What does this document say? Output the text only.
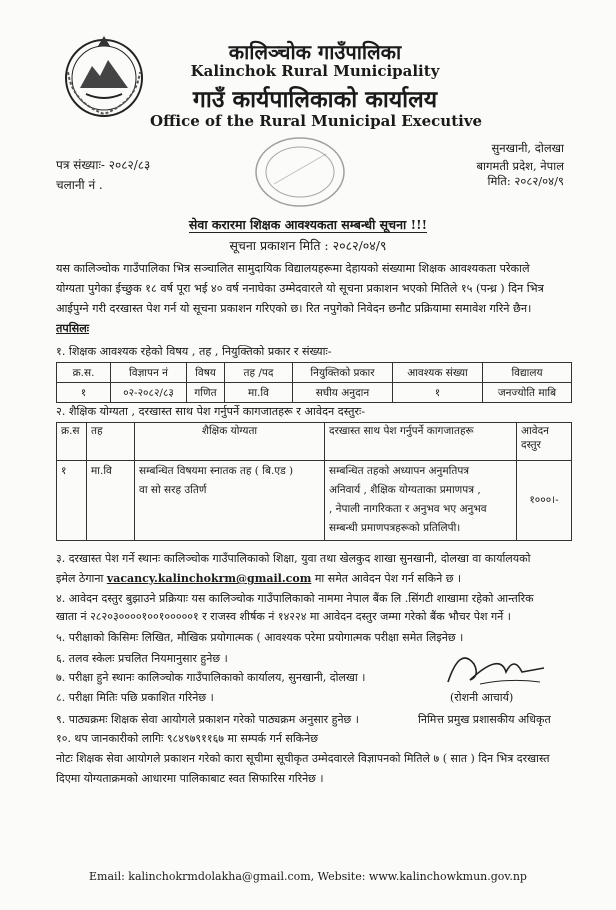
कालिञ्चोक गाउँपालिका
Kalinchok Rural Municipality
गाउँ कार्यपालिकाको कार्यालय
Office of the Rural Municipal Executive
सुनखानी, दोलखा
बागमती प्रदेश, नेपाल
मिति: २०८२/०४/९
पत्र संख्याः- २०८२/८३
चलानी नं .
सेवा करारमा शिक्षक आवश्यकता सम्बन्धी सूचना !!!
सूचना प्रकाशन मिति : २०८२/०४/९
यस कालिञ्चोक गाउँपालिका भित्र सञ्चालित सामुदायिक विद्यालयहरूमा देहायको संख्यामा शिक्षक आवश्यकता परेकाले
योग्यता पुगेका ईच्छुक १८ वर्ष पूरा भई ४० वर्ष ननाघेका उम्मेदवारले यो सूचना प्रकाशन भएको मितिले १५ (पन्ध्र ) दिन भित्र
आईपुग्ने गरी दरखास्त पेश गर्न यो सूचना प्रकाशन गरिएको छ। रित नपुगेको निवेदन छनौट प्रक्रियामा समावेश गरिने छैन।
तपसिलः
१. शिक्षक आवश्यक रहेको विषय , तह , नियुक्तिको प्रकार र संख्याः-
क्र.स.	विज्ञापन नं	विषय	तह /पद	नियुक्तिको प्रकार	आवश्यक संख्या	विद्यालय
१	०२-२०८२/८३	गणित	मा.वि	सघीय अनुदान	१	जनज्योति माबि
२. शैक्षिक योग्यता , दरखास्त साथ पेश गर्नुपर्ने कागजातहरू र आवेदन दस्तुरः-
क्र.स	तह	शैक्षिक योग्यता	दरखास्त साथ पेश गर्नुपर्ने कागजातहरू	आवेदन
दस्तुर
१	मा.वि	सम्बन्धित विषयमा स्नातक तह ( बि.एड )
वा सो सरह उतिर्ण	सम्बन्धित तहको अध्यापन अनुमतिपत्र
अनिवार्य , शैक्षिक योग्यताका प्रमाणपत्र ,
, नेपाली नागरिकता र अनुभव भए अनुभव
सम्बन्धी प्रमाणपत्रहरूको प्रतिलिपी।	१०००।-
३. दरखास्त पेश गर्ने स्थानः कालिञ्चोक गाउँपालिकाको शिक्षा, युवा तथा खेलकुद शाखा सुनखानी, दोलखा वा कार्यालयको
इमेल ठेगाना vacancy.kalinchokrm@gmail.com मा समेत आवेदन पेश गर्न सकिने छ ।
४. आवेदन दस्तुर बुझाउने प्रक्रियाः यस कालिञ्चोक गाउँपालिकाको नाममा नेपाल बैंक लि .सिंगटी शाखामा रहेको आन्तरिक
खाता नं २८२०३००००१००१०००००१ र राजस्व शीर्षक नं १४२२४ मा आवेदन दस्तुर जम्मा गरेको बैंक भौचर पेश गर्ने ।
५. परीक्षाको किसिमः लिखित, मौखिक प्रयोगात्मक ( आवश्यक परेमा प्रयोगात्मक परीक्षा समेत लिइनेछ ।
६. तलव स्केलः प्रचलित नियमानुसार हुनेछ ।
७. परीक्षा हुने स्थानः कालिञ्चोक गाउँपालिकाको कार्यालय, सुनखानी, दोलखा ।
८. परीक्षा मितिः पछि प्रकाशित गरिनेछ ।
९. पाठ्यक्रमः शिक्षक सेवा आयोगले प्रकाशन गरेको पाठ्यक्रम अनुसार हुनेछ ।
१०. थप जानकारीको लागिः ९८४९७९११६७ मा सम्पर्क गर्न सकिनेछ
नोटः शिक्षक सेवा आयोगले प्रकाशन गरेको कारा सूचीमा सूचीकृत उम्मेदवारले विज्ञापनको मितिले ७ ( सात ) दिन भित्र दरखास्त
दिएमा योग्यताक्रमको आधारमा पालिकाबाट स्वत सिफारिस गरिनेछ ।
(रोशनी आचार्य)
निमित्त प्रमुख प्रशासकीय अधिकृत
Email: kalinchokrmdolakha@gmail.com, Website: www.kalinchowkmun.gov.np
